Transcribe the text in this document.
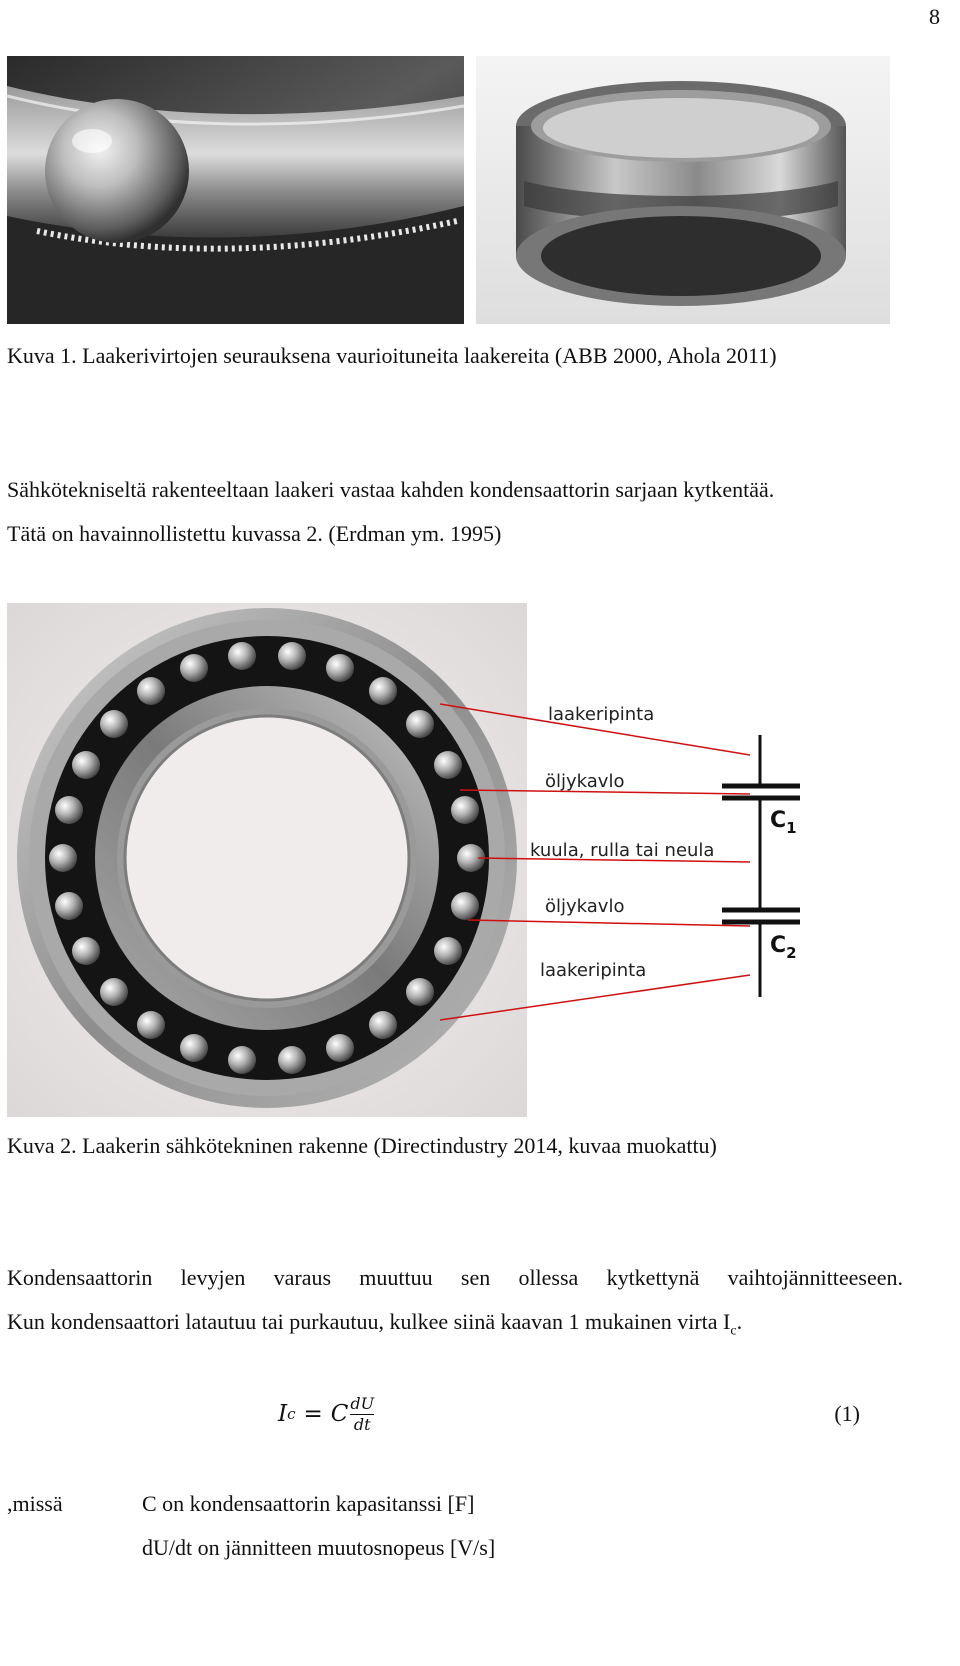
8
Kuva 1. Laakerivirtojen seurauksena vaurioituneita laakereita (ABB 2000, Ahola 2011)
Sähkötekniseltä rakenteeltaan laakeri vastaa kahden kondensaattorin sarjaan kytkentää.
Tätä on havainnollistettu kuvassa 2. (Erdman ym. 1995)
laakeripinta
öljykavlo
kuula, rulla tai neula
öljykavlo
laakeripinta
$C_1$
$C_2$
Kuva 2. Laakerin sähkötekninen rakenne (Directindustry 2014, kuvaa muokattu)
Kondensaattorin levyjen varaus muuttuu sen ollessa kytkettynä vaihtojännitteeseen.
Kun kondensaattori latautuu tai purkautuu, kulkee siinä kaavan 1 mukainen virta $I_c$.
I c = C $\frac{dU}{dt}$	(1)
,missä	C on kondensaattorin kapasitanssi [F]
dU/dt on jännitteen muutosnopeus [V/s]
